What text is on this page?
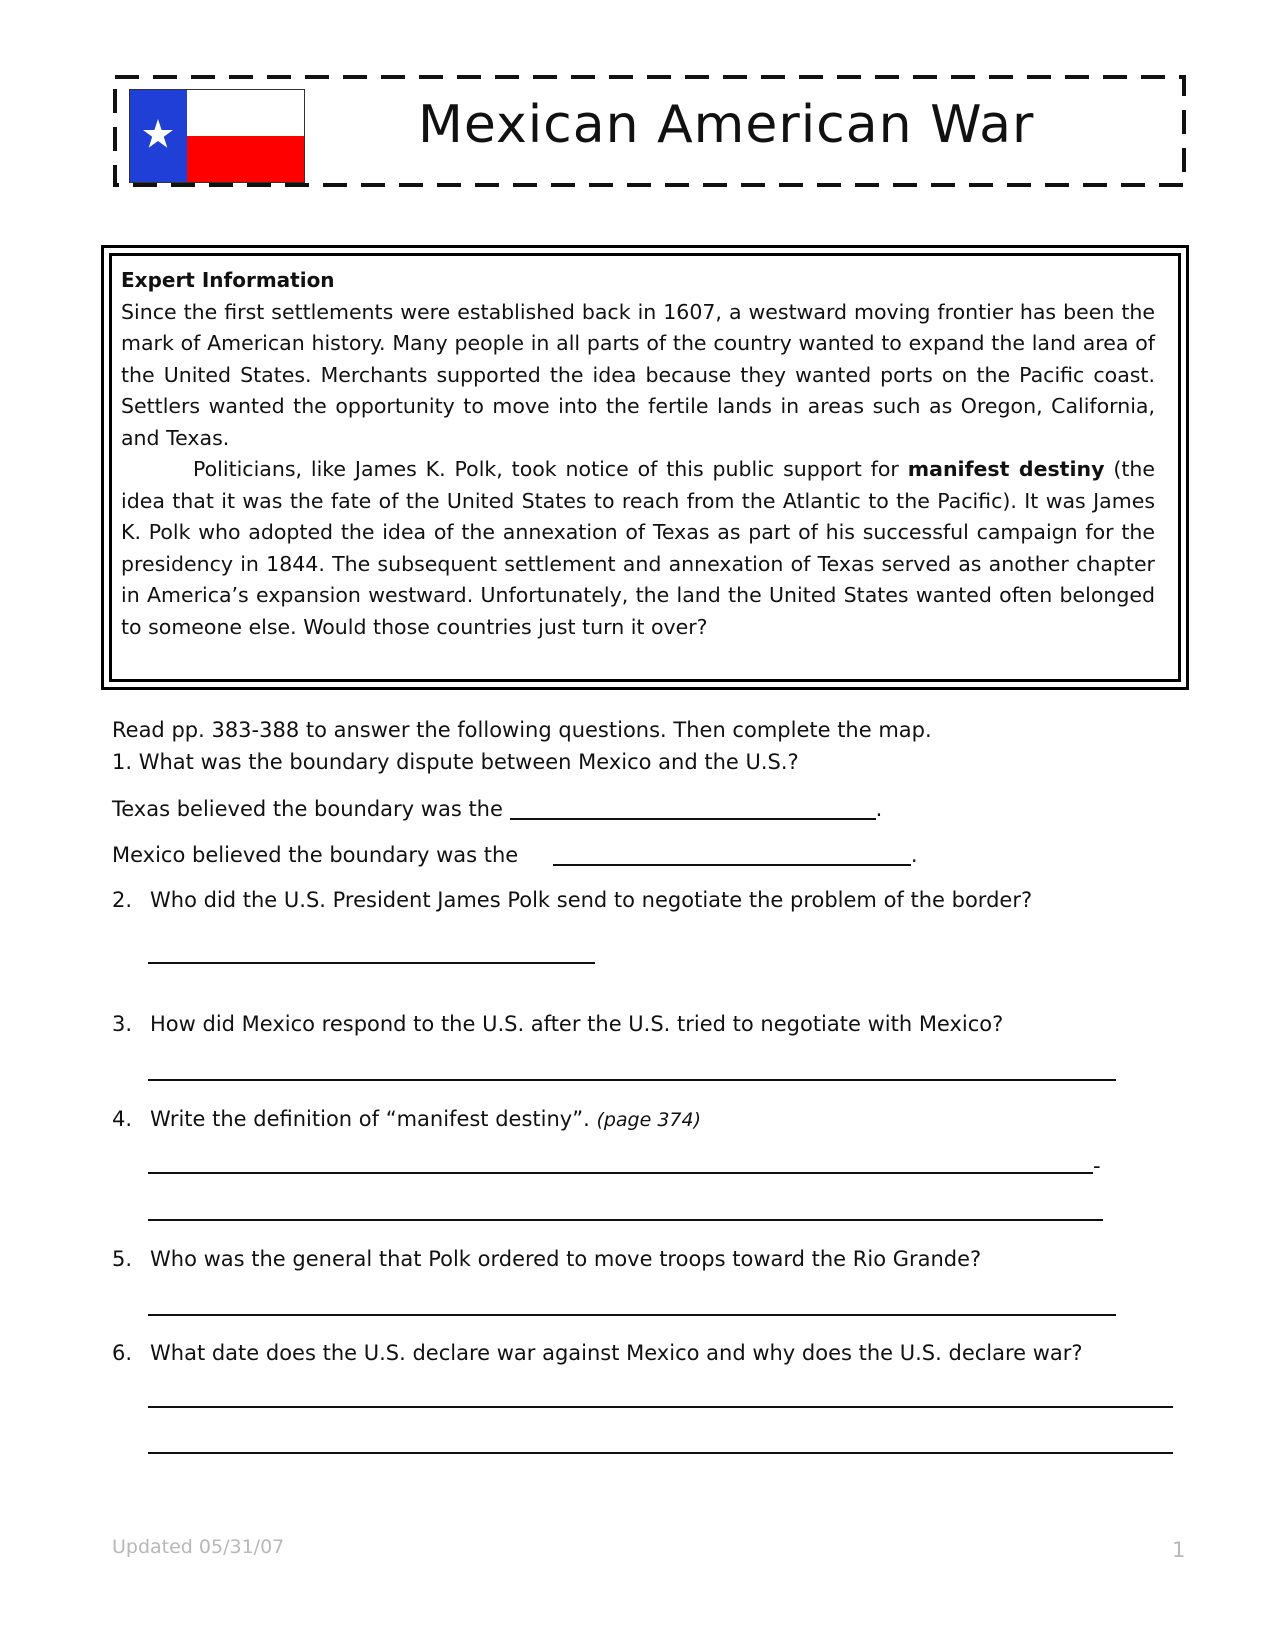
Mexican American War
Expert Information

Since the first settlements were established back in 1607, a westward moving frontier has been the mark of American history. Many people in all parts of the country wanted to expand the land area of the United States. Merchants supported the idea because they wanted ports on the Pacific coast. Settlers wanted the opportunity to move into the fertile lands in areas such as Oregon, California, and Texas.

Politicians, like James K. Polk, took notice of this public support for manifest destiny (the idea that it was the fate of the United States to reach from the Atlantic to the Pacific). It was James K. Polk who adopted the idea of the annexation of Texas as part of his successful campaign for the presidency in 1844. The subsequent settlement and annexation of Texas served as another chapter in America’s expansion westward. Unfortunately, the land the United States wanted often belonged to someone else. Would those countries just turn it over?

Read pp. 383-388 to answer the following questions. Then complete the map.
1. What was the boundary dispute between Mexico and the U.S.?
Texas believed the boundary was the	.
Mexico believed the boundary was the	.
2. Who did the U.S. President James Polk send to negotiate the problem of the border?
3. How did Mexico respond to the U.S. after the U.S. tried to negotiate with Mexico?
4. Write the definition of “manifest destiny”. (page 374)
-
5. Who was the general that Polk ordered to move troops toward the Rio Grande?
6. What date does the U.S. declare war against Mexico and why does the U.S. declare war?
Updated 05/31/07	1
